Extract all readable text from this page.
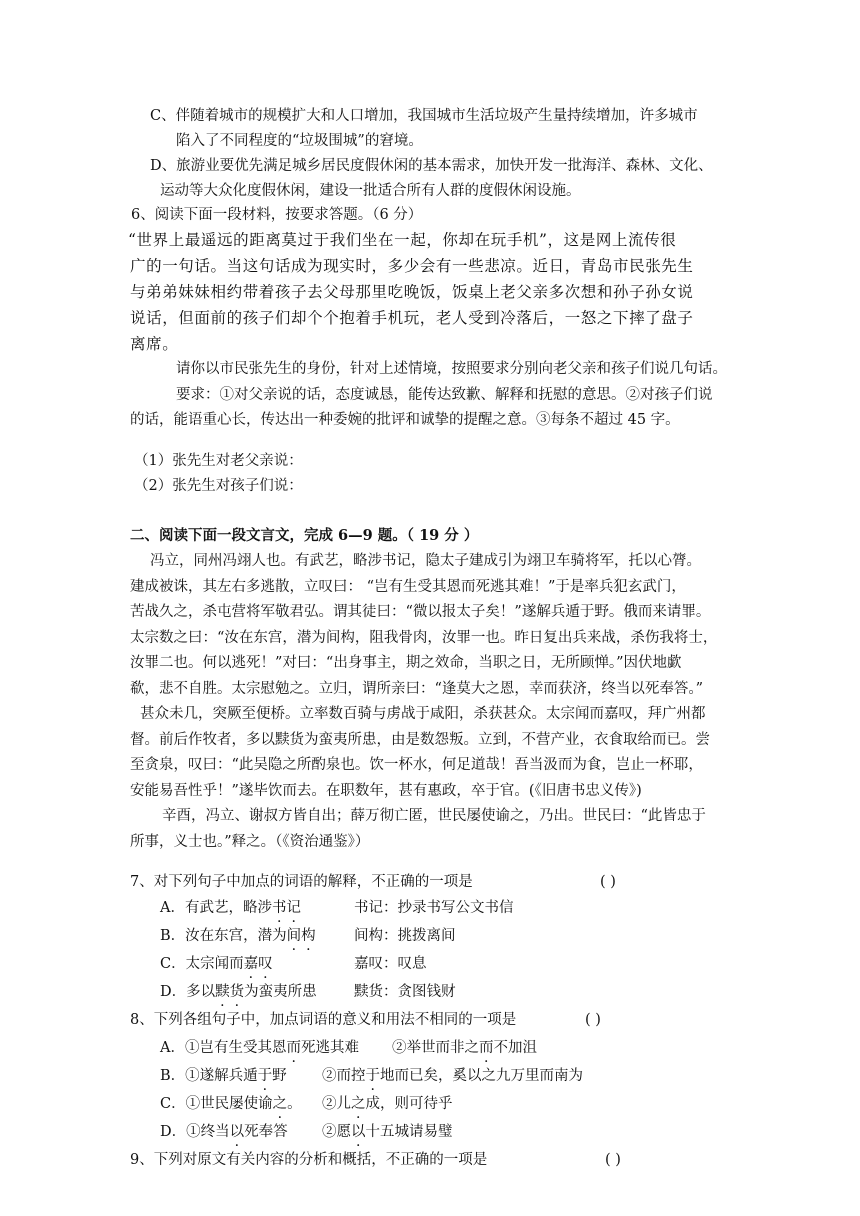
C、伴随着城市的规模扩大和人口增加，我国城市生活垃圾产生量持续增加，许多城市
陷入了不同程度的“垃圾围城”的窘境。
D、旅游业要优先满足城乡居民度假休闲的基本需求，加快开发一批海洋、森林、文化、
运动等大众化度假休闲，建设一批适合所有人群的度假休闲设施。
6、阅读下面一段材料，按要求答题。（6 分）
“世界上最遥远的距离莫过于我们坐在一起，你却在玩手机”，这是网上流传很
广的一句话。当这句话成为现实时，多少会有一些悲凉。近日，青岛市民张先生
与弟弟妹妹相约带着孩子去父母那里吃晚饭，饭桌上老父亲多次想和孙子孙女说
说话，但面前的孩子们却个个抱着手机玩，老人受到冷落后，一怒之下摔了盘子
离席。
请你以市民张先生的身份，针对上述情境，按照要求分别向老父亲和孩子们说几句话。
要求：①对父亲说的话，态度诚恳，能传达致歉、解释和抚慰的意思。②对孩子们说
的话，能语重心长，传达出一种委婉的批评和诚挚的提醒之意。③每条不超过 45 字。
（1）张先生对老父亲说：
（2）张先生对孩子们说：
二、阅读下面一段文言文，完成 6—9 题。（ 19 分 ）
冯立，同州冯翊人也。有武艺，略涉书记，隐太子建成引为翊卫车骑将军，托以心膂。
建成被诛，其左右多逃散，立叹曰： “岂有生受其恩而死逃其难！”于是率兵犯玄武门，
苦战久之，杀屯营将军敬君弘。谓其徒曰：“微以报太子矣！”遂解兵遁于野。俄而来请罪。
太宗数之曰：“汝在东宫，潜为间构，阻我骨肉，汝罪一也。昨日复出兵来战，杀伤我将士，
汝罪二也。何以逃死！”对曰：“出身事主，期之效命，当职之日，无所顾惮。”因伏地歔
欷，悲不自胜。太宗慰勉之。立归，谓所亲曰：“逢莫大之恩，幸而获济，终当以死奉答。”
甚众未几，突厥至便桥。立率数百骑与虏战于咸阳，杀获甚众。太宗闻而嘉叹，拜广州都
督。前后作牧者，多以黩货为蛮夷所患，由是数怨叛。立到，不营产业，衣食取给而已。尝
至贪泉，叹曰：“此吴隐之所酌泉也。饮一杯水，何足道哉！吾当汲而为食，岂止一杯耶，
安能易吾性乎！”遂毕饮而去。在职数年，甚有惠政，卒于官。(《旧唐书忠义传》)
辛酉，冯立、谢叔方皆自出；薛万彻亡匿，世民屡使谕之，乃出。世民曰：“此皆忠于
所事，义士也。”释之。（《资治通鉴》）
7、对下列句子中加点的词语的解释，不正确的一项是	( )
A．有武艺，略涉书记	书记：抄录书写公文书信
B．汝在东宫，潜为间构	间构：挑拨离间
C．太宗闻而嘉叹	嘉叹：叹息
D．多以黩货为蛮夷所患	黩货：贪图钱财
8、下列各组句子中，加点词语的意义和用法不相同的一项是	( )
A．①岂有生受其恩而死逃其难 ②举世而非之而不加沮
B．①遂解兵遁于野 ②而控于地而已矣，奚以之九万里而南为
C．①世民屡使谕之。 ②儿之成，则可待乎
D．①终当以死奉答 ②愿以十五城请易璧
9、下列对原文有关内容的分析和概括，不正确的一项是	( )
